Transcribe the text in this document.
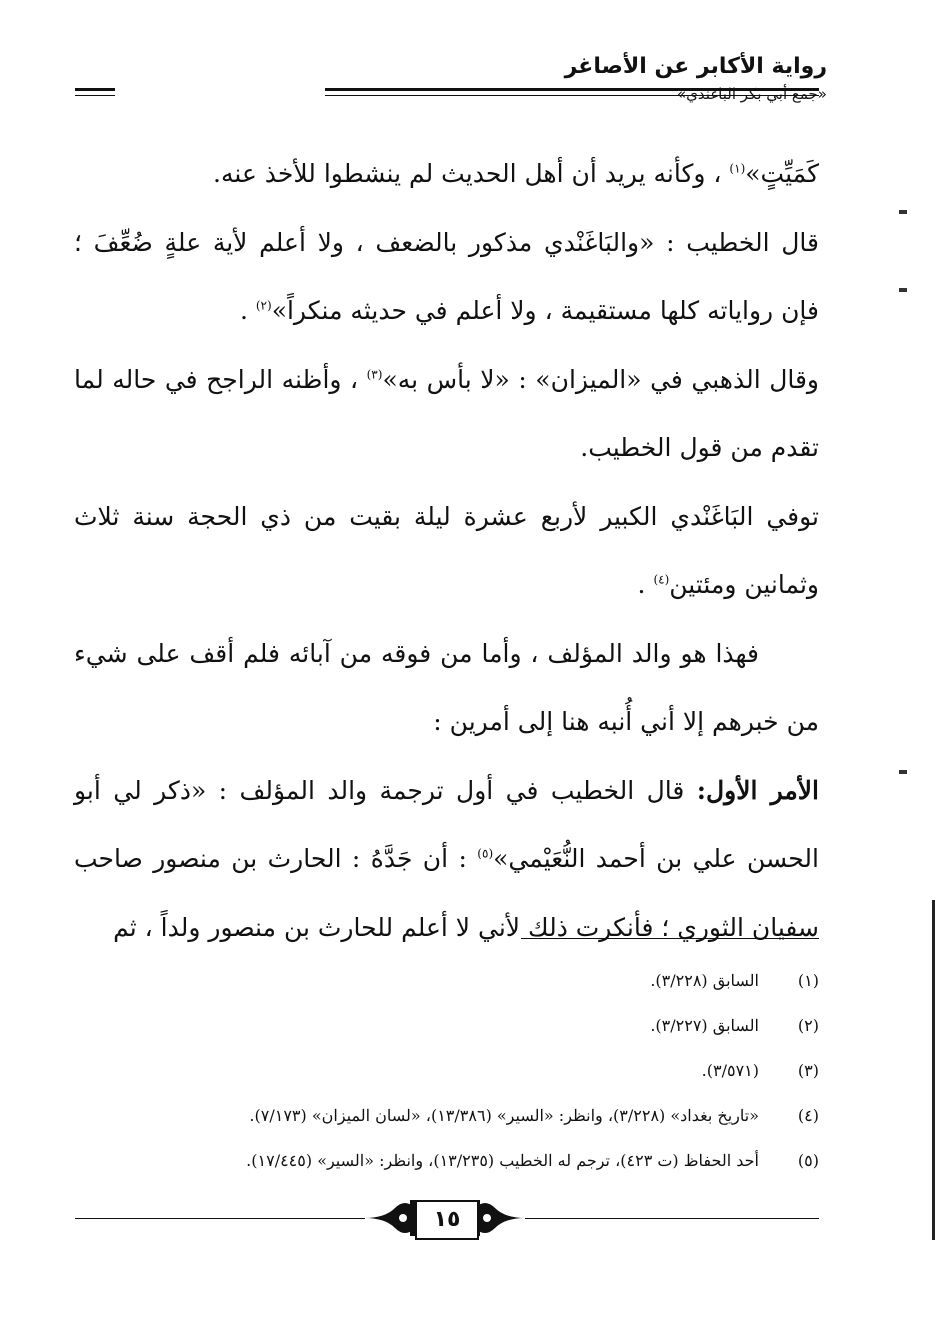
رواية الأكابر عن الأصاغر
«جمع أبي بكر الباغندي»

كَمَيِّتٍ»$^{(١)}$ ، وكأنه يريد أن أهل الحديث لم ينشطوا للأخذ عنه.

قال الخطيب : «والبَاغَنْدي مذكور بالضعف ، ولا أعلم لأية علةٍ ضُعِّفَ ؛ فإن رواياته كلها مستقيمة ، ولا أعلم في حديثه منكراً»$^{(٢)}$ .

وقال الذهبي في «الميزان» : «لا بأس به»$^{(٣)}$ ، وأظنه الراجح في حاله لما تقدم من قول الخطيب.

توفي البَاغَنْدي الكبير لأربع عشرة ليلة بقيت من ذي الحجة سنة ثلاث وثمانين ومئتين$^{(٤)}$ .

فهذا هو والد المؤلف ، وأما من فوقه من آبائه فلم أقف على شيء من خبرهم إلا أني أُنبه هنا إلى أمرين :

الأمر الأول: قال الخطيب في أول ترجمة والد المؤلف : «ذكر لي أبو الحسن علي بن أحمد النُّعَيْمي»$^{(٥)}$ : أن جَدَّهُ : الحارث بن منصور صاحب سفيان الثوري ؛ فأنكرت ذلك لأني لا أعلم للحارث بن منصور ولداً ، ثم

(١)
السابق (٣/٢٢٨).
(٢)
السابق (٣/٢٢٧).
(٣)
(٣/٥٧١).
(٤)
«تاريخ بغداد» (٣/٢٢٨)، وانظر: «السير» (١٣/٣٨٦)، «لسان الميزان» (٧/١٧٣).
(٥)
أحد الحفاظ (ت ٤٢٣)، ترجم له الخطيب (١٣/٢٣٥)، وانظر: «السير» (١٧/٤٤٥).
١٥
